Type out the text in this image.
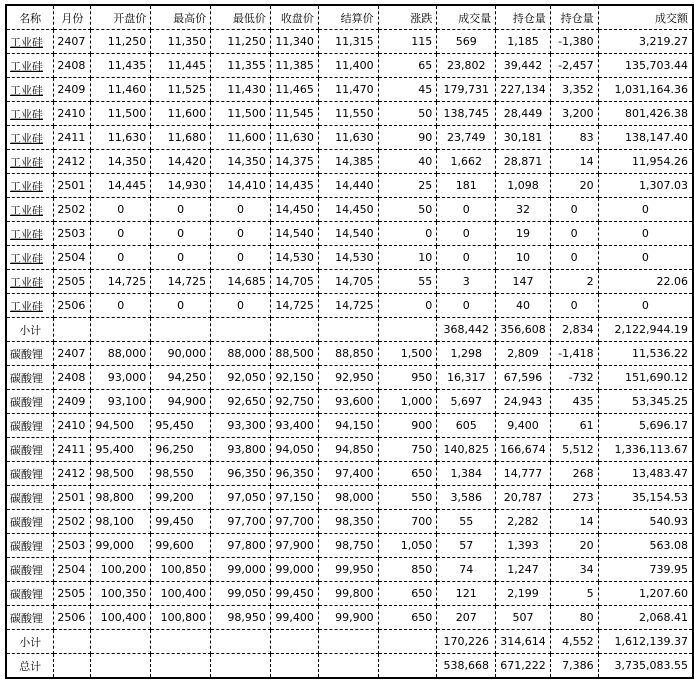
名称	月份	开盘价	最高价	最低价	收盘价	结算价	涨跌	成交量	持仓量	持仓量	成交额
工业硅	2407	11,250	11,350	11,250	11,340	11,315	115	569	1,185	-1,380	3,219.27
工业硅	2408	11,435	11,445	11,355	11,385	11,400	65	23,802	39,442	-2,457	135,703.44
工业硅	2409	11,460	11,525	11,430	11,465	11,470	45	179,731	227,134	3,352	1,031,164.36
工业硅	2410	11,500	11,600	11,500	11,545	11,550	50	138,745	28,449	3,200	801,426.38
工业硅	2411	11,630	11,680	11,600	11,630	11,630	90	23,749	30,181	83	138,147.40
工业硅	2412	14,350	14,420	14,350	14,375	14,385	40	1,662	28,871	14	11,954.26
工业硅	2501	14,445	14,930	14,410	14,435	14,440	25	181	1,098	20	1,307.03
工业硅	2502	0	0	0	14,450	14,450	50	0	32	0	0
工业硅	2503	0	0	0	14,540	14,540	0	0	19	0	0
工业硅	2504	0	0	0	14,530	14,530	10	0	10	0	0
工业硅	2505	14,725	14,725	14,685	14,705	14,705	55	3	147	2	22.06
工业硅	2506	0	0	0	14,725	14,725	0	0	40	0	0
小计								368,442	356,608	2,834	2,122,944.19
碳酸锂	2407	88,000	90,000	88,000	88,500	88,850	1,500	1,298	2,809	-1,418	11,536.22
碳酸锂	2408	93,000	94,250	92,050	92,150	92,950	950	16,317	67,596	-732	151,690.12
碳酸锂	2409	93,100	94,900	92,650	92,750	93,600	1,000	5,697	24,943	435	53,345.25
碳酸锂	2410	94,500	95,450	93,300	93,400	94,150	900	605	9,400	61	5,696.17
碳酸锂	2411	95,400	96,250	93,800	94,050	94,850	750	140,825	166,674	5,512	1,336,113.67
碳酸锂	2412	98,500	98,550	96,350	96,350	97,400	650	1,384	14,777	268	13,483.47
碳酸锂	2501	98,800	99,200	97,050	97,150	98,000	550	3,586	20,787	273	35,154.53
碳酸锂	2502	98,100	99,450	97,700	97,700	98,350	700	55	2,282	14	540.93
碳酸锂	2503	99,000	99,600	97,800	97,900	98,750	1,050	57	1,393	20	563.08
碳酸锂	2504	100,200	100,850	99,000	99,000	99,950	850	74	1,247	34	739.95
碳酸锂	2505	100,350	100,400	99,050	99,450	99,800	650	121	2,199	5	1,207.60
碳酸锂	2506	100,400	100,800	98,950	99,400	99,900	650	207	507	80	2,068.41
小计								170,226	314,614	4,552	1,612,139.37
总计								538,668	671,222	7,386	3,735,083.55
